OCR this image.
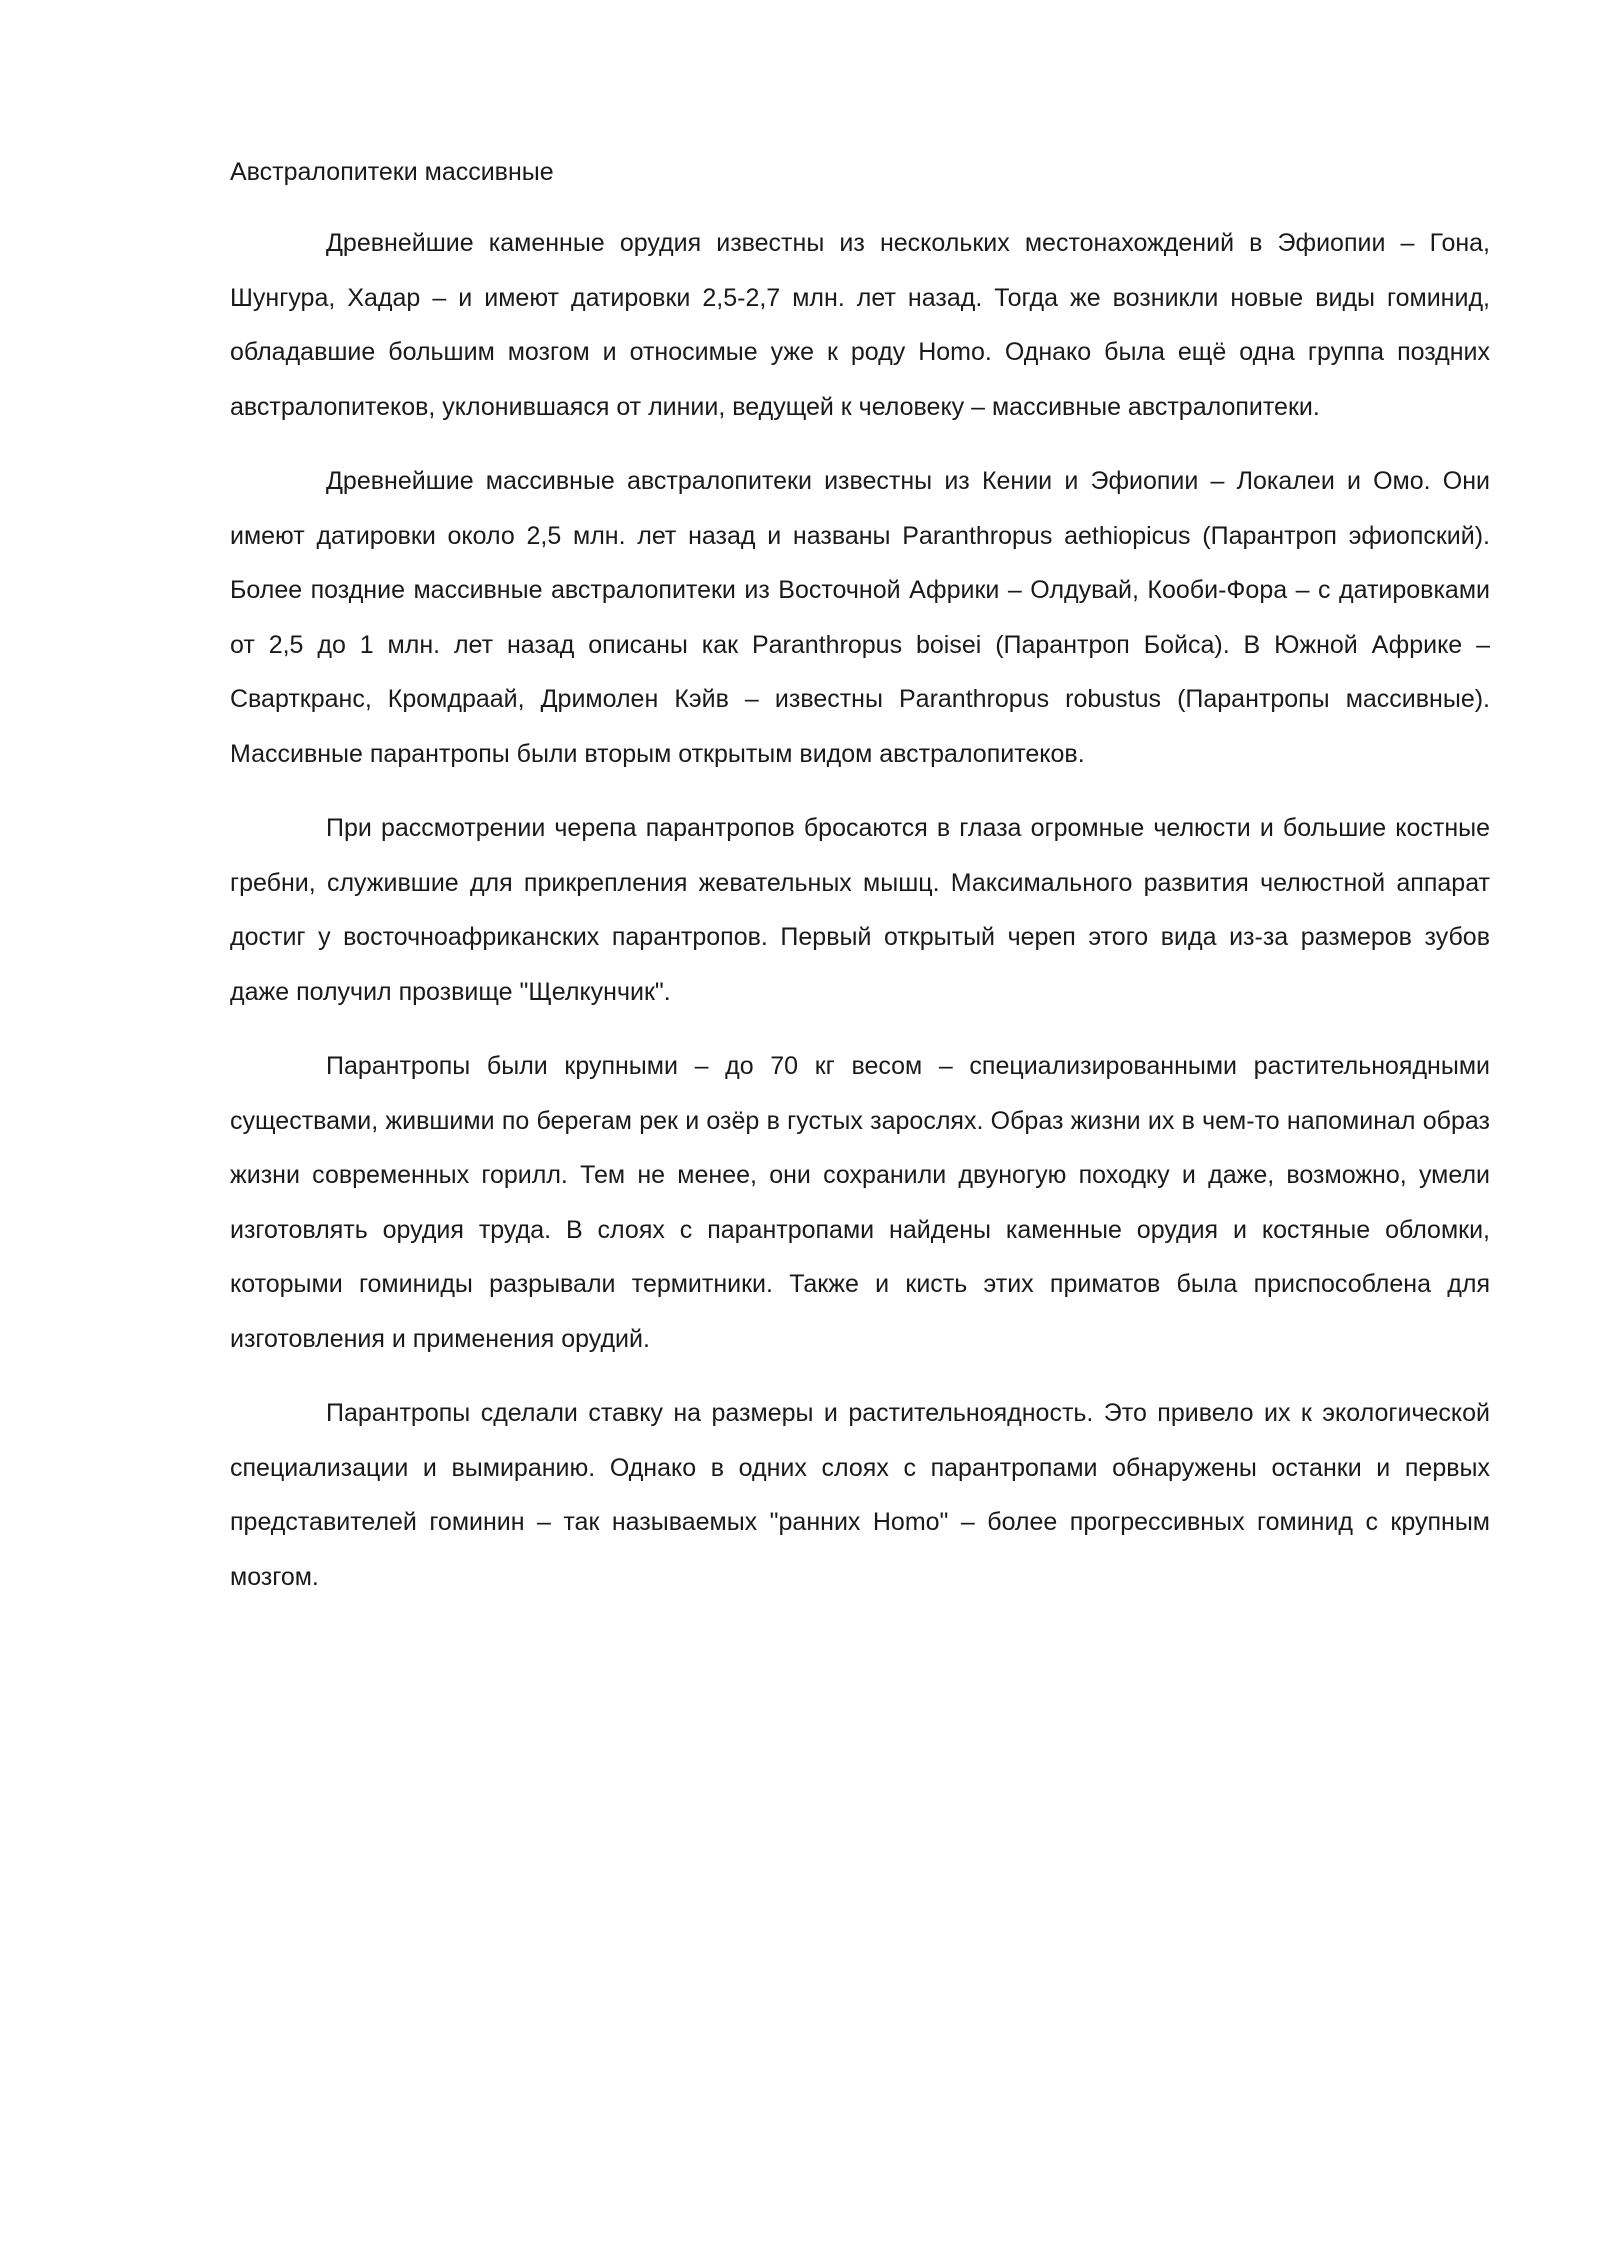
Австралопитеки массивные

Древнейшие каменные орудия известны из нескольких местонахождений в Эфиопии – Гона, Шунгура, Хадар – и имеют датировки 2,5-2,7 млн. лет назад. Тогда же возникли новые виды гоминид, обладавшие большим мозгом и относимые уже к роду Homo. Однако была ещё одна группа поздних австралопитеков, уклонившаяся от линии, ведущей к человеку – массивные австралопитеки.

Древнейшие массивные австралопитеки известны из Кении и Эфиопии – Локалеи и Омо. Они имеют датировки около 2,5 млн. лет назад и названы Paranthropus aethiopicus (Парантроп эфиопский). Более поздние массивные австралопитеки из Восточной Африки – Олдувай, Кооби-Фора – с датировками от 2,5 до 1 млн. лет назад описаны как Paranthropus boisei (Парантроп Бойса). В Южной Африке – Сварткранс, Кромдраай, Дримолен Кэйв – известны Paranthropus robustus (Парантропы массивные). Массивные парантропы были вторым открытым видом австралопитеков.

При рассмотрении черепа парантропов бросаются в глаза огромные челюсти и большие костные гребни, служившие для прикрепления жевательных мышц. Максимального развития челюстной аппарат достиг у восточноафриканских парантропов. Первый открытый череп этого вида из-за размеров зубов даже получил прозвище "Щелкунчик".

Парантропы были крупными – до 70 кг весом – специализированными растительноядными существами, жившими по берегам рек и озёр в густых зарослях. Образ жизни их в чем-то напоминал образ жизни современных горилл. Тем не менее, они сохранили двуногую походку и даже, возможно, умели изготовлять орудия труда. В слоях с парантропами найдены каменные орудия и костяные обломки, которыми гоминиды разрывали термитники. Также и кисть этих приматов была приспособлена для изготовления и применения орудий.

Парантропы сделали ставку на размеры и растительноядность. Это привело их к экологической специализации и вымиранию. Однако в одних слоях с парантропами обнаружены останки и первых представителей гоминин – так называемых "ранних Homo" – более прогрессивных гоминид с крупным мозгом.
